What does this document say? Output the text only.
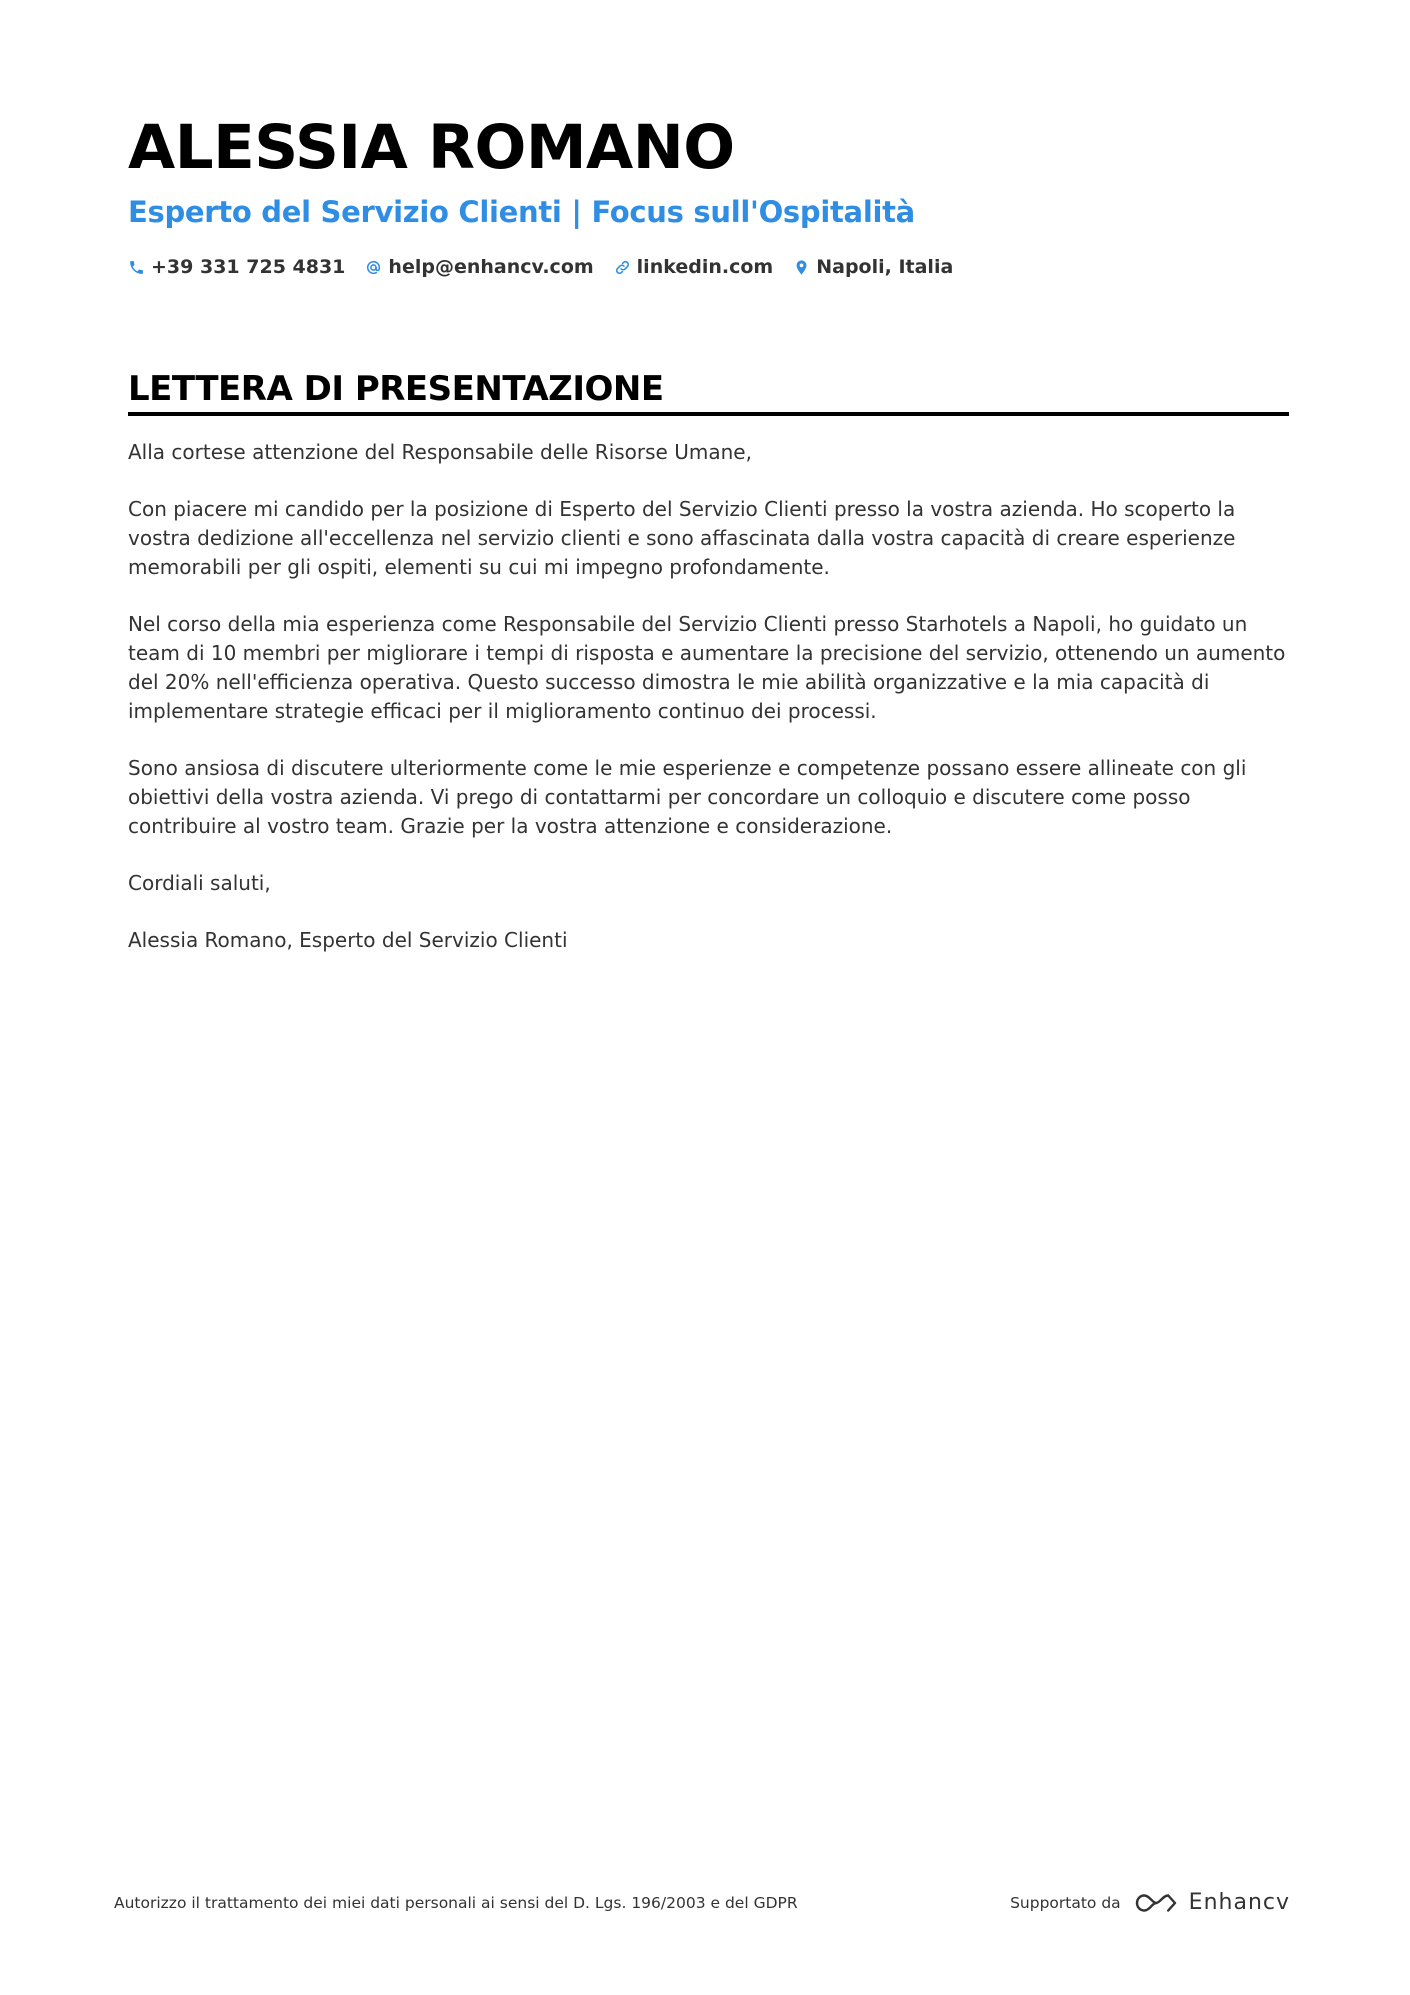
ALESSIA ROMANO
Esperto del Servizio Clienti | Focus sull'Ospitalità
+39 331 725 4831 help@enhancv.com linkedin.com Napoli, Italia
LETTERA DI PRESENTAZIONE

Alla cortese attenzione del Responsabile delle Risorse Umane,

Con piacere mi candido per la posizione di Esperto del Servizio Clienti presso la vostra azienda. Ho scoperto la vostra dedizione all'eccellenza nel servizio clienti e sono affascinata dalla vostra capacità di creare esperienze memorabili per gli ospiti, elementi su cui mi impegno profondamente.

Nel corso della mia esperienza come Responsabile del Servizio Clienti presso Starhotels a Napoli, ho guidato un team di 10 membri per migliorare i tempi di risposta e aumentare la precisione del servizio, ottenendo un aumento del 20% nell'efficienza operativa. Questo successo dimostra le mie abilità organizzative e la mia capacità di implementare strategie efficaci per il miglioramento continuo dei processi.

Sono ansiosa di discutere ulteriormente come le mie esperienze e competenze possano essere allineate con gli obiettivi della vostra azienda. Vi prego di contattarmi per concordare un colloquio e discutere come posso contribuire al vostro team. Grazie per la vostra attenzione e considerazione.

Cordiali saluti,

Alessia Romano, Esperto del Servizio Clienti

Autorizzo il trattamento dei miei dati personali ai sensi del D. Lgs. 196/2003 e del GDPR	Supportato da	Enhancv
